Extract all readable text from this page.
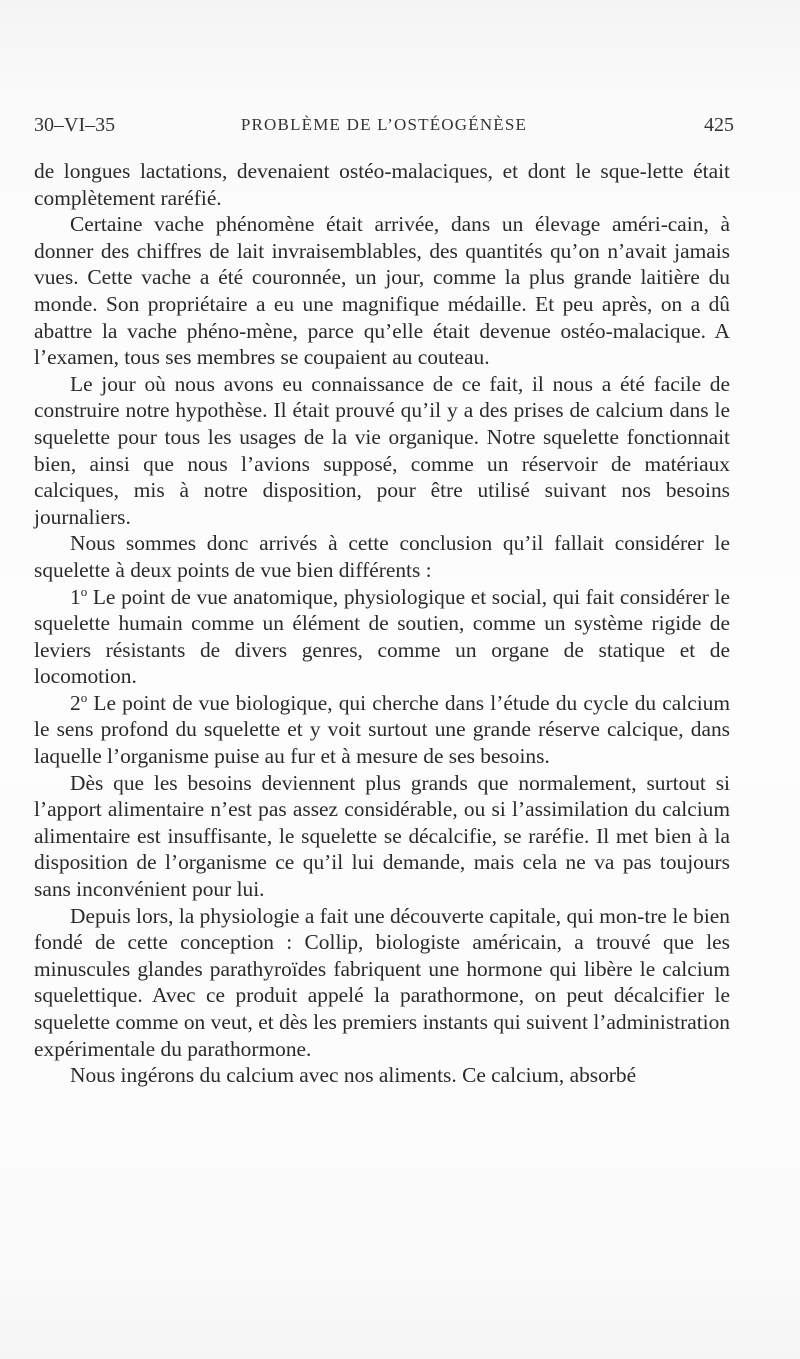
30–VI–35	PROBLÈME DE L’OSTÉOGÉNÈSE	425

de longues lactations, devenaient ostéo-malaciques, et dont le sque-lette était complètement raréfié.

Certaine vache phénomène était arrivée, dans un élevage améri-cain, à donner des chiffres de lait invraisemblables, des quantités qu’on n’avait jamais vues. Cette vache a été couronnée, un jour, comme la plus grande laitière du monde. Son propriétaire a eu une magnifique médaille. Et peu après, on a dû abattre la vache phéno-mène, parce qu’elle était devenue ostéo-malacique. A l’examen, tous ses membres se coupaient au couteau.

Le jour où nous avons eu connaissance de ce fait, il nous a été facile de construire notre hypothèse. Il était prouvé qu’il y a des prises de calcium dans le squelette pour tous les usages de la vie organique. Notre squelette fonctionnait bien, ainsi que nous l’avions supposé, comme un réservoir de matériaux calciques, mis à notre disposition, pour être utilisé suivant nos besoins journaliers.

Nous sommes donc arrivés à cette conclusion qu’il fallait considérer le squelette à deux points de vue bien différents :

1$^o$ Le point de vue anatomique, physiologique et social, qui fait considérer le squelette humain comme un élément de soutien, comme un système rigide de leviers résistants de divers genres, comme un organe de statique et de locomotion.

2$^o$ Le point de vue biologique, qui cherche dans l’étude du cycle du calcium le sens profond du squelette et y voit surtout une grande réserve calcique, dans laquelle l’organisme puise au fur et à mesure de ses besoins.

Dès que les besoins deviennent plus grands que normalement, surtout si l’apport alimentaire n’est pas assez considérable, ou si l’assimilation du calcium alimentaire est insuffisante, le squelette se décalcifie, se raréfie. Il met bien à la disposition de l’organisme ce qu’il lui demande, mais cela ne va pas toujours sans inconvénient pour lui.

Depuis lors, la physiologie a fait une découverte capitale, qui mon-tre le bien fondé de cette conception : Collip, biologiste américain, a trouvé que les minuscules glandes parathyroïdes fabriquent une hormone qui libère le calcium squelettique. Avec ce produit appelé la parathormone, on peut décalcifier le squelette comme on veut, et dès les premiers instants qui suivent l’administration expérimentale du parathormone.

Nous ingérons du calcium avec nos aliments. Ce calcium, absorbé
